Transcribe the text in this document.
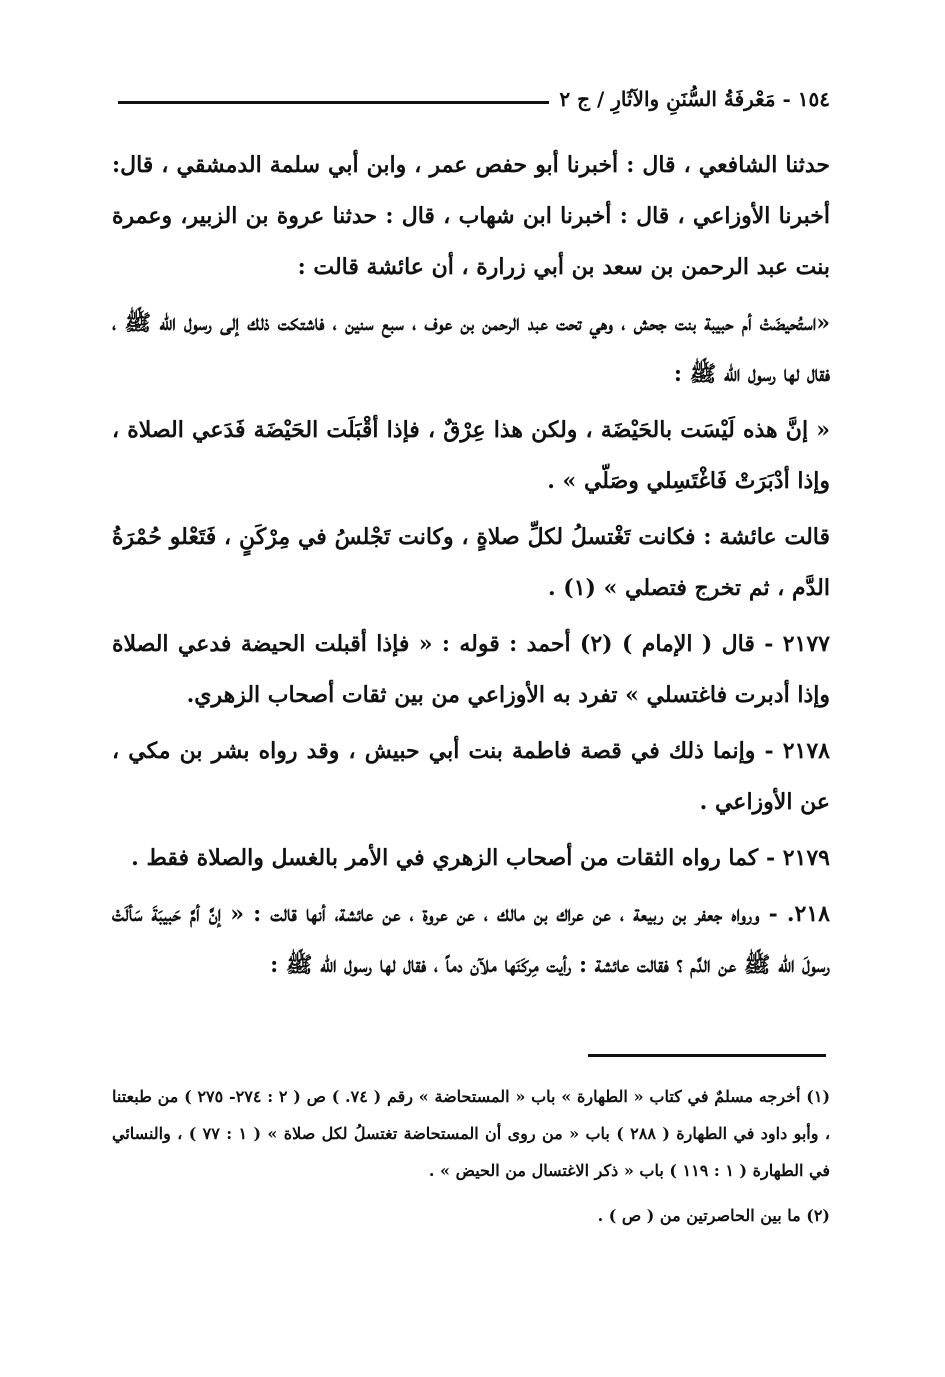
١٥٤ - مَعْرفَةُ السُّنَنِ والآثَارِ / ج ٢

حدثنا الشافعي ، قال : أخبرنا أبو حفص عمر ، وابن أبي سلمة الدمشقي ، قال: أخبرنا الأوزاعي ، قال : أخبرنا ابن شهاب ، قال : حدثنا عروة بن الزبير، وعمرة بنت عبد الرحمن بن سعد بن أبي زرارة ، أن عائشة قالت :

«استُحيضَتْ أم حبيبة بنت جحش ، وهي تحت عبد الرحمن بن عوف ، سبع سنين ، فاشتكت ذلك إلى رسول الله ﷺ ، فقال لها رسول الله ﷺ :

« إنَّ هذه لَيْسَت بالحَيْضَة ، ولكن هذا عِرْقٌ ، فإذا أقْبَلَت الحَيْضَة فَدَعي الصلاة ، وإذا أدْبَرَتْ فَاغْتَسِلي وصَلّي » .

قالت عائشة : فكانت تَغْتسلُ لكلِّ صلاةٍ ، وكانت تَجْلسُ في مِرْكَنٍ ، فَتَعْلو حُمْرَةُ الدَّم ، ثم تخرج فتصلي » (١) .

٢١٧٧ - قال ( الإمام ) (٢) أحمد : قوله : « فإذا أقبلت الحيضة فدعي الصلاة وإذا أدبرت فاغتسلي » تفرد به الأوزاعي من بين ثقات أصحاب الزهري.

٢١٧٨ - وإنما ذلك في قصة فاطمة بنت أبي حبيش ، وقد رواه بشر بن مكي ، عن الأوزاعي .

٢١٧٩ - كما رواه الثقات من أصحاب الزهري في الأمر بالغسل والصلاة فقط .

٢١٨. - ورواه جعفر بن ربيعة ، عن عراك بن مالك ، عن عروة ، عن عائشة، أنها قالت : « إنَّ أمَّ حَبيبَةَ سَألَتْ رسولَ الله ﷺ عن الدَّم ؟ فقالت عائشة : رأيت مِركَنَها ملآن دماً ، فقال لها رسول الله ﷺ :

(١) أخرجه مسلمٌ في كتاب « الطهارة » باب « المستحاضة » رقم ( ٧٤. ) ص ( ٢ : ٢٧٤- ٢٧٥ ) من طبعتنا ، وأبو داود في الطهارة ( ٢٨٨ ) باب « من روى أن المستحاضة تغتسلُ لكل صلاة » ( ١ : ٧٧ ) ، والنسائي في الطهارة ( ١ : ١١٩ ) باب « ذكر الاغتسال من الحيض » .

(٢) ما بين الحاصرتين من ( ص ) .
